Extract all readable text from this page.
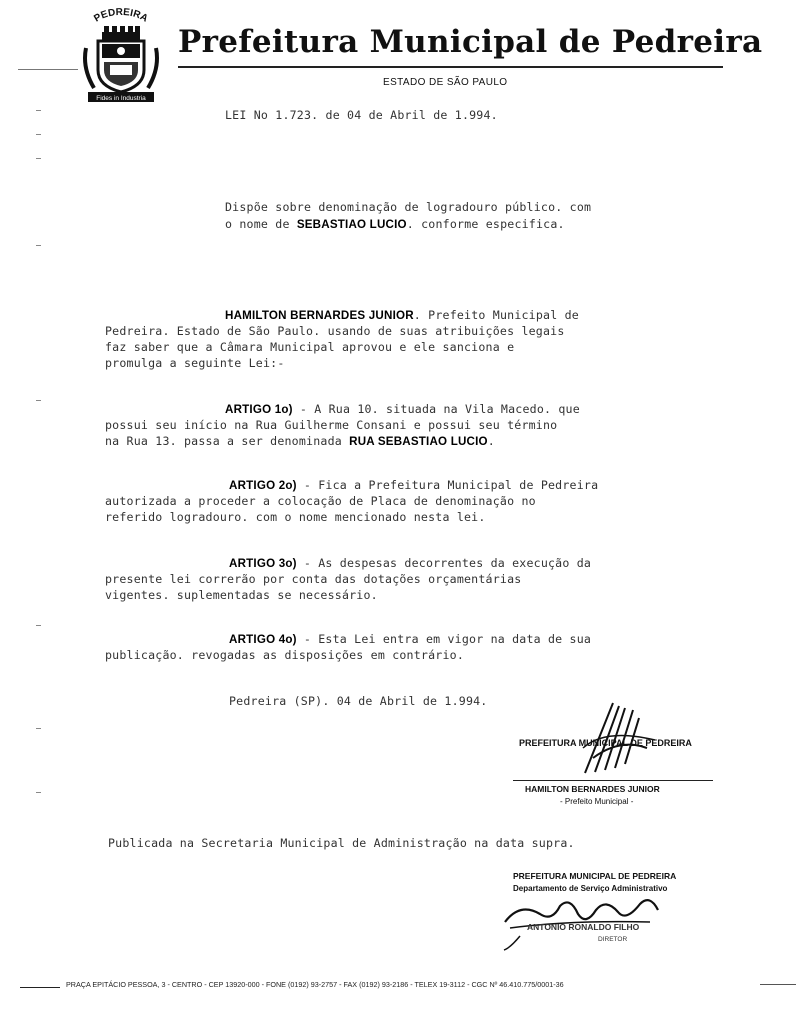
PEDREIRA
Fides in Industria
Prefeitura Municipal de Pedreira
ESTADO DE SÃO PAULO
LEI No 1.723. de 04 de Abril de 1.994.
Dispõe sobre denominação de logradouro público. com
o nome de SEBASTIAO LUCIO. conforme especifica.
HAMILTON BERNARDES JUNIOR. Prefeito Municipal de
Pedreira. Estado de São Paulo. usando de suas atribuições legais
faz saber que a Câmara Municipal aprovou e ele sanciona e
promulga a seguinte Lei:-
ARTIGO 1o) - A Rua 10. situada na Vila Macedo. que
possui seu início na Rua Guilherme Consani e possui seu término
na Rua 13. passa a ser denominada RUA SEBASTIAO LUCIO.
ARTIGO 2o) - Fica a Prefeitura Municipal de Pedreira
autorizada a proceder a colocação de Placa de denominação no
referido logradouro. com o nome mencionado nesta lei.
ARTIGO 3o) - As despesas decorrentes da execução da
presente lei correrão por conta das dotações orçamentárias
vigentes. suplementadas se necessário.
ARTIGO 4o) - Esta Lei entra em vigor na data de sua
publicação. revogadas as disposições em contrário.
Pedreira (SP). 04 de Abril de 1.994.
PREFEITURA MUNICIPAL DE PEDREIRA
HAMILTON BERNARDES JUNIOR
- Prefeito Municipal -
Publicada na Secretaria Municipal de Administração na data supra.
PREFEITURA MUNICIPAL DE PEDREIRA
Departamento de Serviço Administrativo
ANTONIO RONALDO FILHO
DIRETOR
PRAÇA EPITÁCIO PESSOA, 3 - CENTRO - CEP 13920-000 - FONE (0192) 93-2757 - FAX (0192) 93-2186 - TELEX 19-3112 - CGC Nº 46.410.775/0001-36
